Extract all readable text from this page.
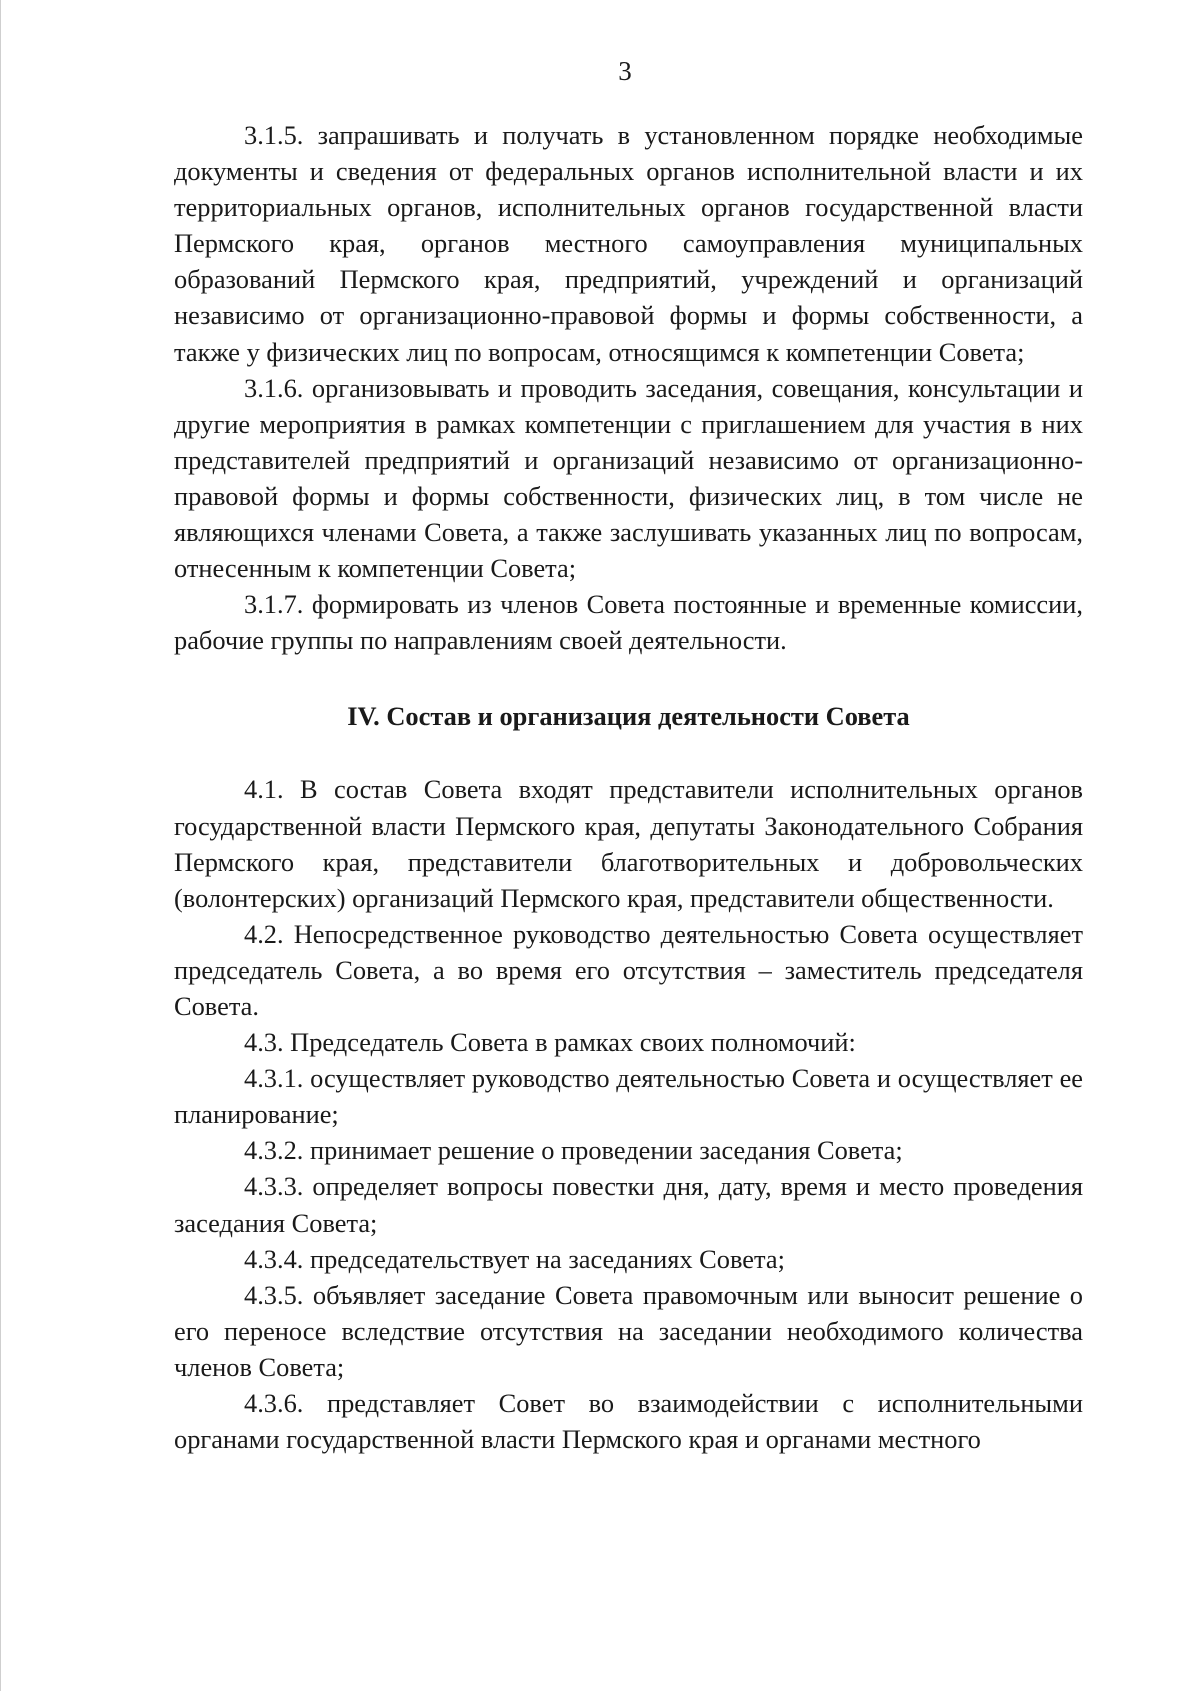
3

3.1.5. запрашивать и получать в установленном порядке необходимые документы и сведения от федеральных органов исполнительной власти и их территориальных органов, исполнительных органов государственной власти Пермского края, органов местного самоуправления муниципальных образований Пермского края, предприятий, учреждений и организаций независимо от организационно-правовой формы и формы собственности, а также у физических лиц по вопросам, относящимся к компетенции Совета;

3.1.6. организовывать и проводить заседания, совещания, консультации и другие мероприятия в рамках компетенции с приглашением для участия в них представителей предприятий и организаций независимо от организационно-правовой формы и формы собственности, физических лиц, в том числе не являющихся членами Совета, а также заслушивать указанных лиц по вопросам, отнесенным к компетенции Совета;

3.1.7. формировать из членов Совета постоянные и временные комиссии, рабочие группы по направлениям своей деятельности.

IV. Состав и организация деятельности Совета

4.1. В состав Совета входят представители исполнительных органов государственной власти Пермского края, депутаты Законодательного Собрания Пермского края, представители благотворительных и добровольческих (волонтерских) организаций Пермского края, представители общественности.

4.2. Непосредственное руководство деятельностью Совета осуществляет председатель Совета, а во время его отсутствия – заместитель председателя Совета.

4.3. Председатель Совета в рамках своих полномочий:

4.3.1. осуществляет руководство деятельностью Совета и осуществляет ее планирование;

4.3.2. принимает решение о проведении заседания Совета;

4.3.3. определяет вопросы повестки дня, дату, время и место проведения заседания Совета;

4.3.4. председательствует на заседаниях Совета;

4.3.5. объявляет заседание Совета правомочным или выносит решение о его переносе вследствие отсутствия на заседании необходимого количества членов Совета;

4.3.6. представляет Совет во взаимодействии с исполнительными органами государственной власти Пермского края и органами местного
